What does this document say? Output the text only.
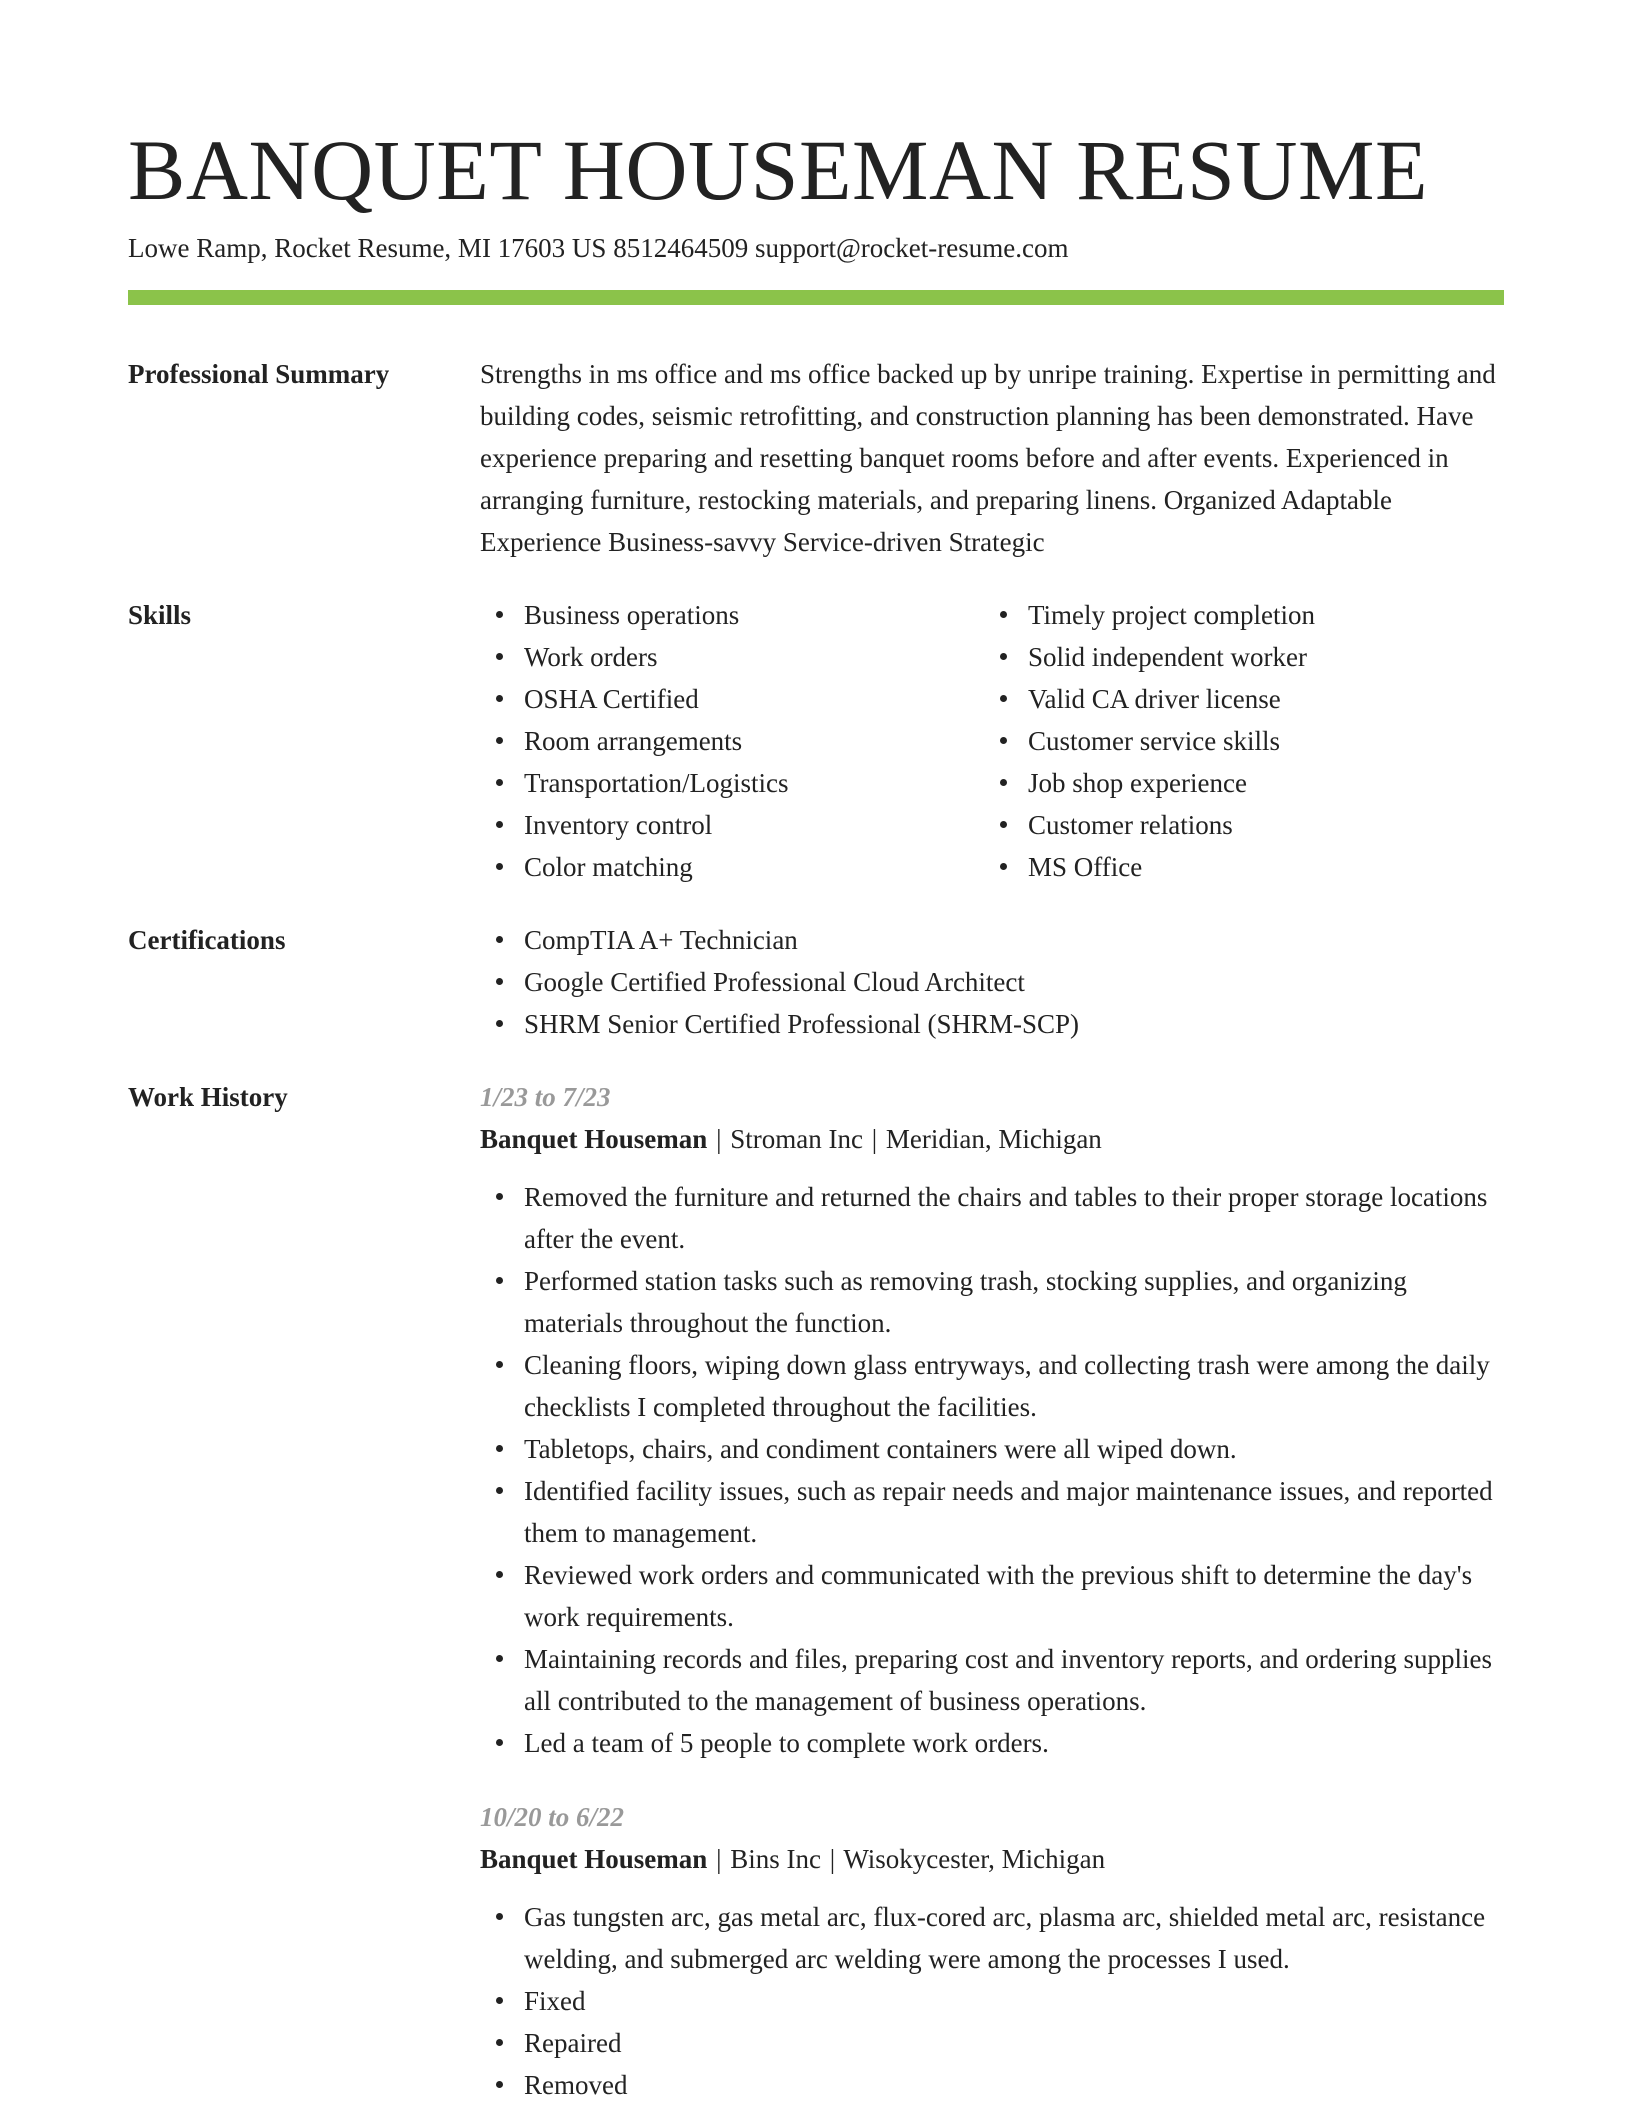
BANQUET HOUSEMAN RESUME
Lowe Ramp, Rocket Resume, MI 17603 US 8512464509 support@rocket-resume.com
Professional Summary	Strengths in ms office and ms office backed up by unripe training. Expertise in permitting and building codes, seismic retrofitting, and construction planning has been demonstrated. Have experience preparing and resetting banquet rooms before and after events. Experienced in arranging furniture, restocking materials, and preparing linens. Organized Adaptable Experience Business-savvy Service-driven Strategic

Skills	Business operations
Work orders
OSHA Certified
Room arrangements
Transportation/Logistics
Inventory control
Color matching
Timely project completion
Solid independent worker
Valid CA driver license
Customer service skills
Job shop experience
Customer relations
MS Office
Certifications	CompTIA A+ Technician
Google Certified Professional Cloud Architect
SHRM Senior Certified Professional (SHRM-SCP)
Work History	1/23 to 7/23
Banquet Houseman | Stroman Inc | Meridian, Michigan
Removed the furniture and returned the chairs and tables to their proper storage locations after the event.
Performed station tasks such as removing trash, stocking supplies, and organizing materials throughout the function.
Cleaning floors, wiping down glass entryways, and collecting trash were among the daily checklists I completed throughout the facilities.
Tabletops, chairs, and condiment containers were all wiped down.
Identified facility issues, such as repair needs and major maintenance issues, and reported them to management.
Reviewed work orders and communicated with the previous shift to determine the day's work requirements.
Maintaining records and files, preparing cost and inventory reports, and ordering supplies all contributed to the management of business operations.
Led a team of 5 people to complete work orders.
10/20 to 6/22
Banquet Houseman | Bins Inc | Wisokycester, Michigan
Gas tungsten arc, gas metal arc, flux-cored arc, plasma arc, shielded metal arc, resistance welding, and submerged arc welding were among the processes I used.
Fixed
Repaired
Removed
